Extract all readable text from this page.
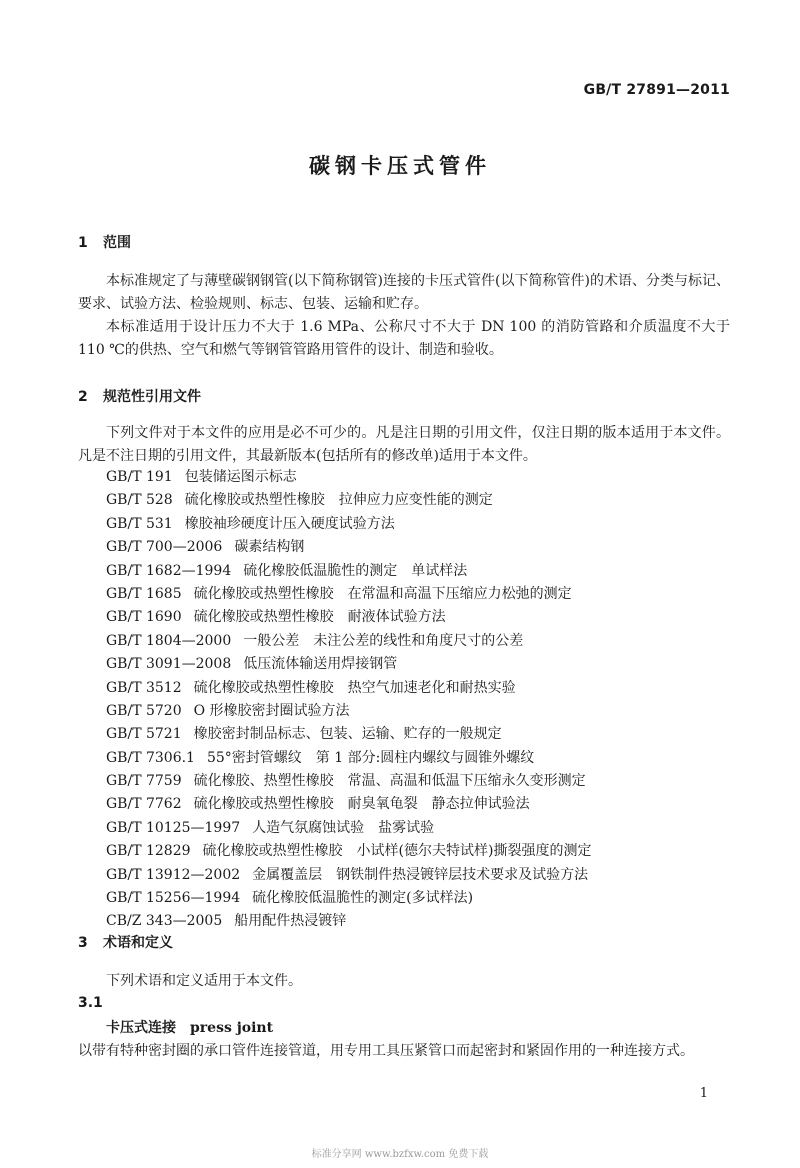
GB/T 27891—2011
碳钢卡压式管件
1 范围
本标准规定了与薄壁碳钢钢管(以下简称钢管)连接的卡压式管件(以下简称管件)的术语、分类与标记、要求、试验方法、检验规则、标志、包装、运输和贮存。
本标准适用于设计压力不大于 1.6 MPa、公称尺寸不大于 DN 100 的消防管路和介质温度不大于 110 ℃的供热、空气和燃气等钢管管路用管件的设计、制造和验收。
2 规范性引用文件
下列文件对于本文件的应用是必不可少的。凡是注日期的引用文件，仅注日期的版本适用于本文件。凡是不注日期的引用文件，其最新版本(包括所有的修改单)适用于本文件。
GB/T 191 包装储运图示标志
GB/T 528 硫化橡胶或热塑性橡胶　拉伸应力应变性能的测定
GB/T 531 橡胶袖珍硬度计压入硬度试验方法
GB/T 700—2006 碳素结构钢
GB/T 1682—1994 硫化橡胶低温脆性的测定　单试样法
GB/T 1685 硫化橡胶或热塑性橡胶　在常温和高温下压缩应力松弛的测定
GB/T 1690 硫化橡胶或热塑性橡胶　耐液体试验方法
GB/T 1804—2000 一般公差　未注公差的线性和角度尺寸的公差
GB/T 3091—2008 低压流体输送用焊接钢管
GB/T 3512 硫化橡胶或热塑性橡胶　热空气加速老化和耐热实验
GB/T 5720 O 形橡胶密封圈试验方法
GB/T 5721 橡胶密封制品标志、包装、运输、贮存的一般规定
GB/T 7306.1 55°密封管螺纹　第 1 部分:圆柱内螺纹与圆锥外螺纹
GB/T 7759 硫化橡胶、热塑性橡胶　常温、高温和低温下压缩永久变形测定
GB/T 7762 硫化橡胶或热塑性橡胶　耐臭氧龟裂　静态拉伸试验法
GB/T 10125—1997 人造气氛腐蚀试验　盐雾试验
GB/T 12829 硫化橡胶或热塑性橡胶　小试样(德尔夫特试样)撕裂强度的测定
GB/T 13912—2002 金属覆盖层　钢铁制件热浸镀锌层技术要求及试验方法
GB/T 15256—1994 硫化橡胶低温脆性的测定(多试样法)
CB/Z 343—2005 船用配件热浸镀锌
3 术语和定义
下列术语和定义适用于本文件。
3.1
卡压式连接 press joint
以带有特种密封圈的承口管件连接管道，用专用工具压紧管口而起密封和紧固作用的一种连接方式。
1
标准分享网 www.bzfxw.com 免费下载
